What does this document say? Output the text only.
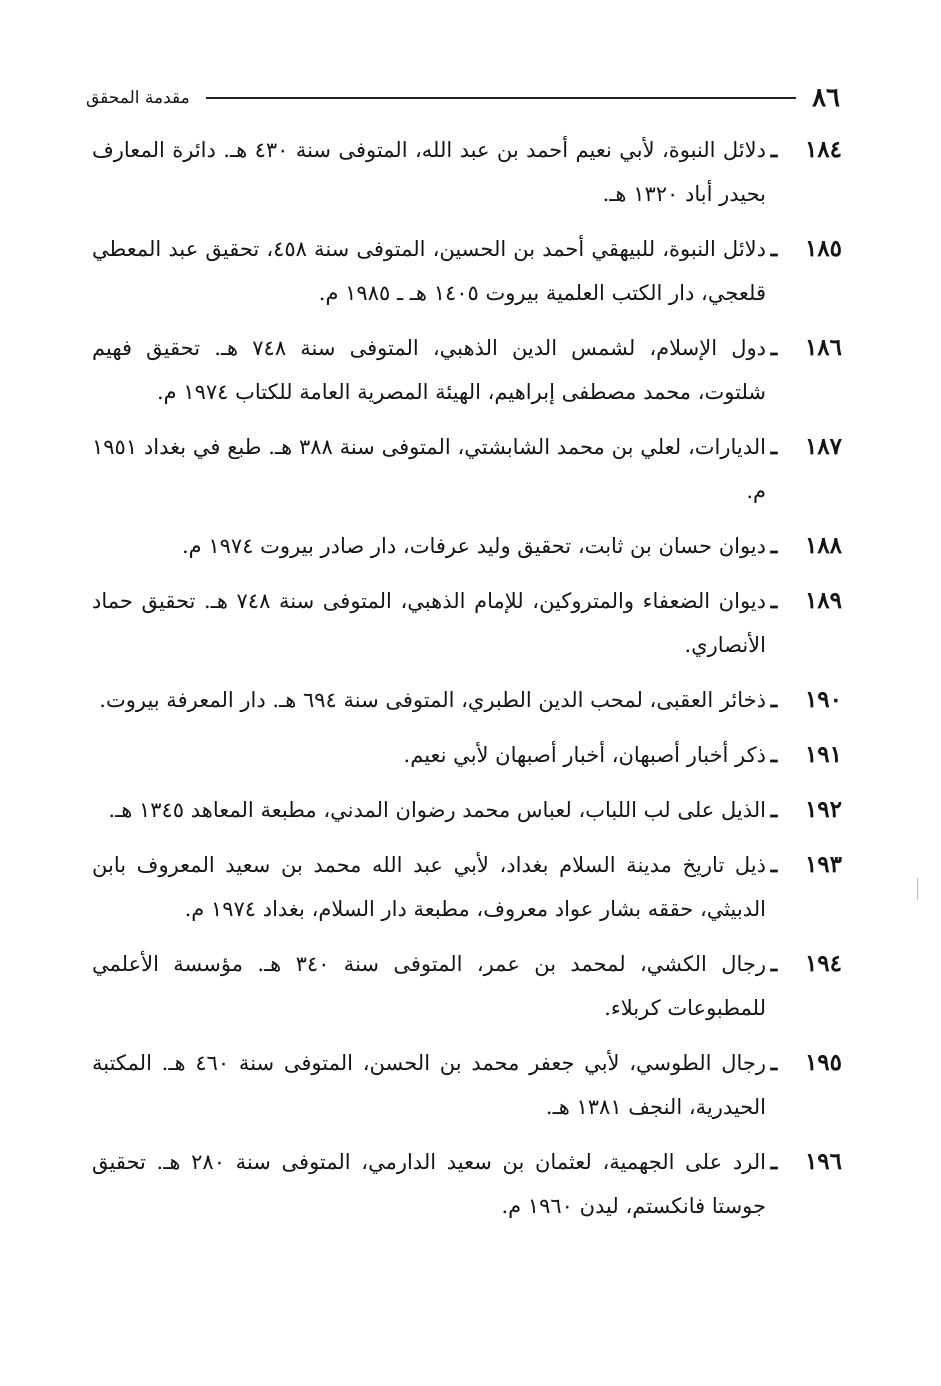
٨٦
مقدمة المحقق
١٨٤
ـ
دلائل النبوة، لأبي نعيم أحمد بن عبد الله، المتوفى سنة ٤٣٠ هـ. دائرة المعارف بحيدر أباد ١٣٢٠ هـ.
١٨٥
ـ
دلائل النبوة، للبيهقي أحمد بن الحسين، المتوفى سنة ٤٥٨، تحقيق عبد المعطي قلعجي، دار الكتب العلمية بيروت ١٤٠٥ هـ ـ ١٩٨٥ م.
١٨٦
ـ
دول الإسلام، لشمس الدين الذهبي، المتوفى سنة ٧٤٨ هـ. تحقيق فهيم شلتوت، محمد مصطفى إبراهيم، الهيئة المصرية العامة للكتاب ١٩٧٤ م.
١٨٧
ـ
الديارات، لعلي بن محمد الشابشتي، المتوفى سنة ٣٨٨ هـ. طبع في بغداد ١٩٥١ م.
١٨٨
ـ
ديوان حسان بن ثابت، تحقيق وليد عرفات، دار صادر بيروت ١٩٧٤ م.
١٨٩
ـ
ديوان الضعفاء والمتروكين، للإمام الذهبي، المتوفى سنة ٧٤٨ هـ. تحقيق حماد الأنصاري.
١٩٠
ـ
ذخائر العقبى، لمحب الدين الطبري، المتوفى سنة ٦٩٤ هـ. دار المعرفة بيروت.
١٩١
ـ
ذكر أخبار أصبهان، أخبار أصبهان لأبي نعيم.
١٩٢
ـ
الذيل على لب اللباب، لعباس محمد رضوان المدني، مطبعة المعاهد ١٣٤٥ هـ.
١٩٣
ـ
ذيل تاريخ مدينة السلام بغداد، لأبي عبد الله محمد بن سعيد المعروف بابن الدبيثي، حققه بشار عواد معروف، مطبعة دار السلام، بغداد ١٩٧٤ م.
١٩٤
ـ
رجال الكشي، لمحمد بن عمر، المتوفى سنة ٣٤٠ هـ. مؤسسة الأعلمي للمطبوعات كربلاء.
١٩٥
ـ
رجال الطوسي، لأبي جعفر محمد بن الحسن، المتوفى سنة ٤٦٠ هـ. المكتبة الحيدرية، النجف ١٣٨١ هـ.
١٩٦
ـ
الرد على الجهمية، لعثمان بن سعيد الدارمي، المتوفى سنة ٢٨٠ هـ. تحقيق جوستا فانكستم، ليدن ١٩٦٠ م.
